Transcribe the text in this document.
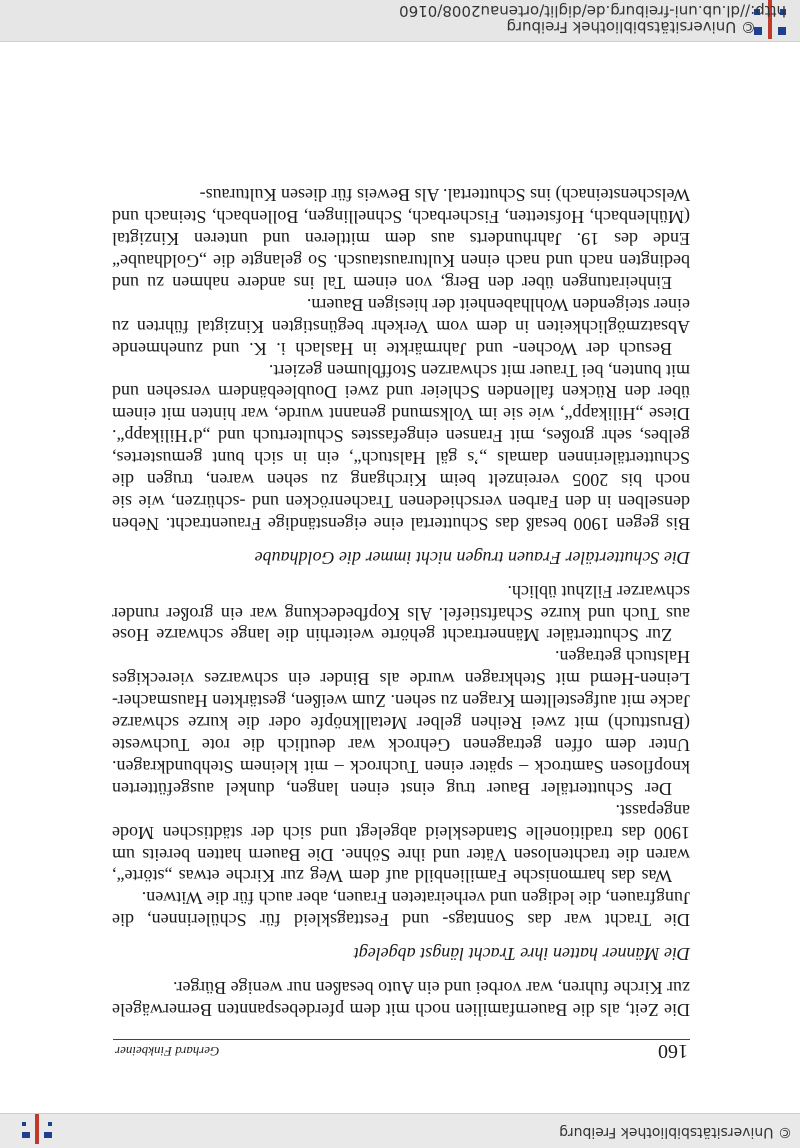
© Universitätsbibliothek Freiburg
160
Gerhard Finkbeiner

Die Zeit, als die Bauernfamilien noch mit dem pferdebespannten Bernerwägele zur Kirche fuhren, war vorbei und ein Auto besaßen nur wenige Bürger.

Die Männer hatten ihre Tracht längst abgelegt

Die Tracht war das Sonntags- und Festtagskleid für Schülerinnen, die Jungfrauen, die ledigen und verheirateten Frauen, aber auch für die Witwen.

Was das harmonische Familienbild auf dem Weg zur Kirche etwas „störte“, waren die trachtenlosen Väter und ihre Söhne. Die Bauern hatten bereits um 1900 das traditionelle Standeskleid abgelegt und sich der städtischen Mode angepasst.

Der Schuttertäler Bauer trug einst einen langen, dunkel ausgefütterten knopflosen Samtrock – später einen Tuchrock – mit kleinem Stehbundkragen. Unter dem offen getragenen Gehrock war deutlich die rote Tuchweste (Brusttuch) mit zwei Reihen gelber Metallknöpfe oder die kurze schwarze Jacke mit aufgestelltem Kragen zu sehen. Zum weißen, gestärkten Hausmacher-Leinen-Hemd mit Stehkragen wurde als Binder ein schwarzes viereckiges Halstuch getragen.

Zur Schuttertäler Männertracht gehörte weiterhin die lange schwarze Hose aus Tuch und kurze Schaftstiefel. Als Kopfbedeckung war ein großer runder schwarzer Filzhut üblich.

Die Schuttertäler Frauen trugen nicht immer die Goldhaube

Bis gegen 1900 besaß das Schuttertal eine eigenständige Frauentracht. Neben denselben in den Farben verschiedenen Trachenröcken und -schürzen, wie sie noch bis 2005 vereinzelt beim Kirchgang zu sehen waren, trugen die Schuttertälerinnen damals „’s gäl Halstuch“, ein in sich bunt gemustertes, gelbes, sehr großes, mit Fransen eingefasstes Schultertuch und „d’Hilikapp“. Diese „Hilikapp“, wie sie im Volksmund genannt wurde, war hinten mit einem über den Rücken fallenden Schleier und zwei Doubleebändern versehen und mit bunten, bei Trauer mit schwarzen Stoffblumen geziert.

Besuch der Wochen- und Jahrmärkte in Haslach i. K. und zunehmende Absatzmöglichkeiten in dem vom Verkehr begünstigten Kinzigtal führten zu einer steigenden Wohlhabenheit der hiesigen Bauern.

Einheiratungen über den Berg, von einem Tal ins andere nahmen zu und bedingten nach und nach einen Kulturaustausch. So gelangte die „Goldhaube“ Ende des 19. Jahrhunderts aus dem mittleren und unteren Kinzigtal (Mühlenbach, Hofstetten, Fischerbach, Schnellingen, Bollenbach, Steinach und Welschensteinach) ins Schuttertal. Als Beweis für diesen Kulturaus-

© Universitätsbibliothek Freiburg
http://dl.ub.uni-freiburg.de/diglit/ortenau2008/0160
